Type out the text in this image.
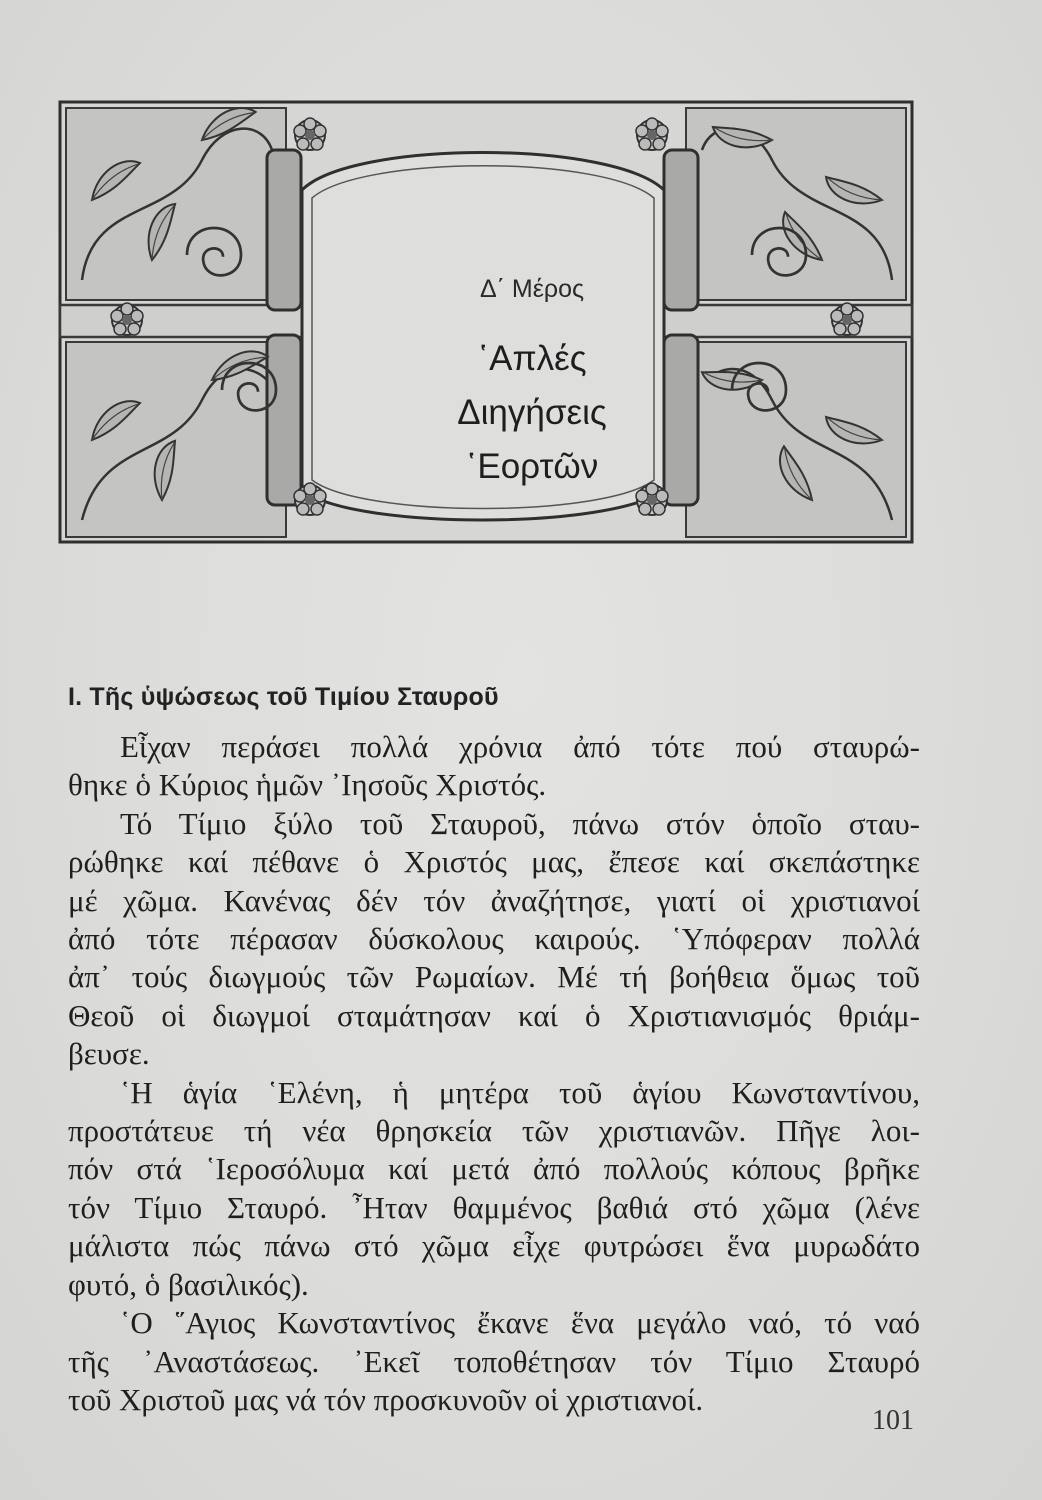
Δ΄ Μέρος
῾Απλές
Διηγήσεις
῾Εορτῶν
Ι. Τῆς ὑψώσεως τοῦ Τιμίου Σταυροῦ
Εἶχαν περάσει πολλά χρόνια ἀπό τότε πού σταυρώ-
θηκε ὁ Κύριος ἡμῶν ᾿Ιησοῦς Χριστός.
Τό Τίμιο ξύλο τοῦ Σταυροῦ, πάνω στόν ὁποῖο σταυ-
ρώθηκε καί πέθανε ὁ Χριστός μας, ἔπεσε καί σκεπάστηκε
μέ χῶμα. Κανένας δέν τόν ἀναζήτησε, γιατί οἱ χριστιανοί
ἀπό τότε πέρασαν δύσκολους καιρούς. ῾Υπόφεραν πολλά
ἀπ᾿ τούς διωγμούς τῶν Ρωμαίων. Μέ τή βοήθεια ὅμως τοῦ
Θεοῦ οἱ διωγμοί σταμάτησαν καί ὁ Χριστιανισμός θριάμ-
βευσε.
῾Η ἁγία ῾Ελένη, ἡ μητέρα τοῦ ἁγίου Κωνσταντίνου,
προστάτευε τή νέα θρησκεία τῶν χριστιανῶν. Πῆγε λοι-
πόν στά ῾Ιεροσόλυμα καί μετά ἀπό πολλούς κόπους βρῆκε
τόν Τίμιο Σταυρό. ῏Ηταν θαμμένος βαθιά στό χῶμα (λένε
μάλιστα πώς πάνω στό χῶμα εἶχε φυτρώσει ἕνα μυρωδάτο
φυτό, ὁ βασιλικός).
῾Ο ῞Αγιος Κωνσταντίνος ἔκανε ἕνα μεγάλο ναό, τό ναό
τῆς ᾿Αναστάσεως. ᾿Εκεῖ τοποθέτησαν τόν Τίμιο Σταυρό
τοῦ Χριστοῦ μας νά τόν προσκυνοῦν οἱ χριστιανοί.
101
